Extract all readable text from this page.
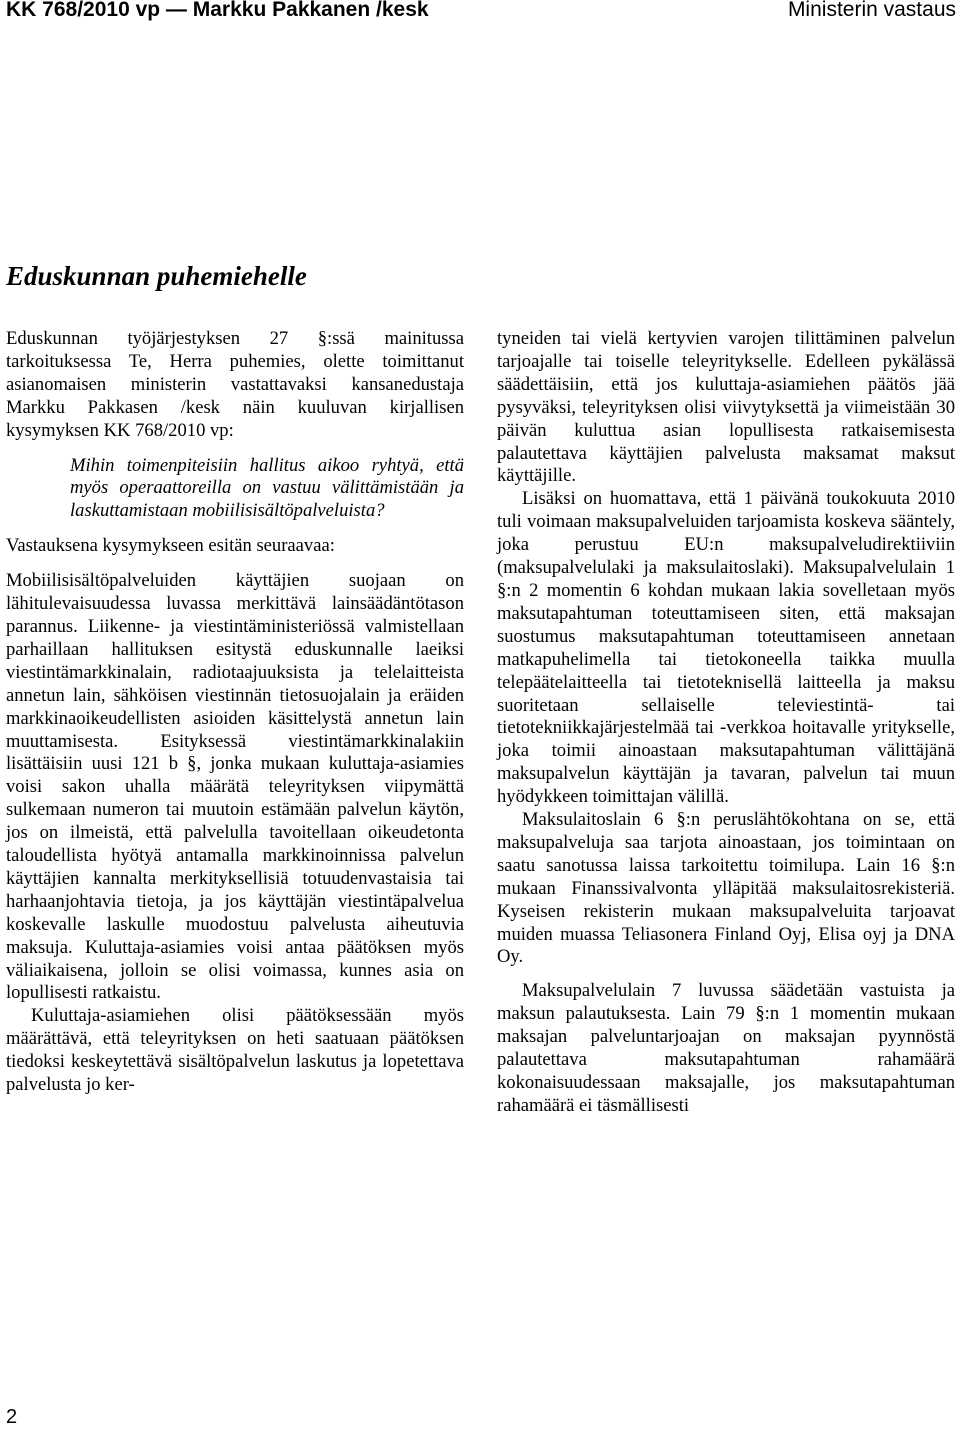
KK 768/2010 vp — Markku Pakkanen /kesk	Ministerin vastaus
Eduskunnan puhemiehelle

Eduskunnan työjärjestyksen 27 §:ssä mainitussa tarkoituksessa Te, Herra puhemies, olette toimittanut asianomaisen ministerin vastattavaksi kansanedustaja Markku Pakkasen /kesk näin kuuluvan kirjallisen kysymyksen KK 768/2010 vp:

Mihin toimenpiteisiin hallitus aikoo ryhtyä, että myös operaattoreilla on vastuu välittämistään ja laskuttamistaan mobiilisisältöpalveluista?

Vastauksena kysymykseen esitän seuraavaa:

Mobiilisisältöpalveluiden käyttäjien suojaan on lähitulevaisuudessa luvassa merkittävä lainsäädäntötason parannus. Liikenne- ja viestintäministeriössä valmistellaan parhaillaan hallituksen esitystä eduskunnalle laeiksi viestintämarkkinalain, radiotaajuuksista ja telelaitteista annetun lain, sähköisen viestinnän tietosuojalain ja eräiden markkinaoikeudellisten asioiden käsittelystä annetun lain muuttamisesta. Esityksessä viestintämarkkinalakiin lisättäisiin uusi 121 b §, jonka mukaan kuluttaja-asiamies voisi sakon uhalla määrätä teleyrityksen viipymättä sulkemaan numeron tai muutoin estämään palvelun käytön, jos on ilmeistä, että palvelulla tavoitellaan oikeudetonta taloudellista hyötyä antamalla markkinoinnissa palvelun käyttäjien kannalta merkityksellisiä totuudenvastaisia tai harhaanjohtavia tietoja, ja jos käyttäjän viestintäpalvelua koskevalle laskulle muodostuu palvelusta aiheutuvia maksuja. Kuluttaja-asiamies voisi antaa päätöksen myös väliaikaisena, jolloin se olisi voimassa, kunnes asia on lopullisesti ratkaistu.

Kuluttaja-asiamiehen olisi päätöksessään myös määrättävä, että teleyrityksen on heti saatuaan päätöksen tiedoksi keskeytettävä sisältöpalvelun laskutus ja lopetettava palvelusta jo ker-

tyneiden tai vielä kertyvien varojen tilittäminen palvelun tarjoajalle tai toiselle teleyritykselle. Edelleen pykälässä säädettäisiin, että jos kuluttaja-asiamiehen päätös jää pysyväksi, teleyrityksen olisi viivytyksettä ja viimeistään 30 päivän kuluttua asian lopullisesta ratkaisemisesta palautettava käyttäjien palvelusta maksamat maksut käyttäjille.

Lisäksi on huomattava, että 1 päivänä toukokuuta 2010 tuli voimaan maksupalveluiden tarjoamista koskeva sääntely, joka perustuu EU:n maksupalveludirektiiviin (maksupalvelulaki ja maksulaitoslaki). Maksupalvelulain 1 §:n 2 momentin 6 kohdan mukaan lakia sovelletaan myös maksutapahtuman toteuttamiseen siten, että maksajan suostumus maksutapahtuman toteuttamiseen annetaan matkapuhelimella tai tietokoneella taikka muulla telepäätelaitteella tai tietoteknisellä laitteella ja maksu suoritetaan sellaiselle televiestintä- tai tietotekniikkajärjestelmää tai -verkkoa hoitavalle yritykselle, joka toimii ainoastaan maksutapahtuman välittäjänä maksupalvelun käyttäjän ja tavaran, palvelun tai muun hyödykkeen toimittajan välillä.

Maksulaitoslain 6 §:n peruslähtökohtana on se, että maksupalveluja saa tarjota ainoastaan, jos toimintaan on saatu sanotussa laissa tarkoitettu toimilupa. Lain 16 §:n mukaan Finanssivalvonta ylläpitää maksulaitosrekisteriä. Kyseisen rekisterin mukaan maksupalveluita tarjoavat muiden muassa Teliasonera Finland Oyj, Elisa oyj ja DNA Oy.

Maksupalvelulain 7 luvussa säädetään vastuista ja maksun palautuksesta. Lain 79 §:n 1 momentin mukaan maksajan palveluntarjoajan on maksajan pyynnöstä palautettava maksutapahtuman rahamäärä kokonaisuudessaan maksajalle, jos maksutapahtuman rahamäärä ei täsmällisesti

2
